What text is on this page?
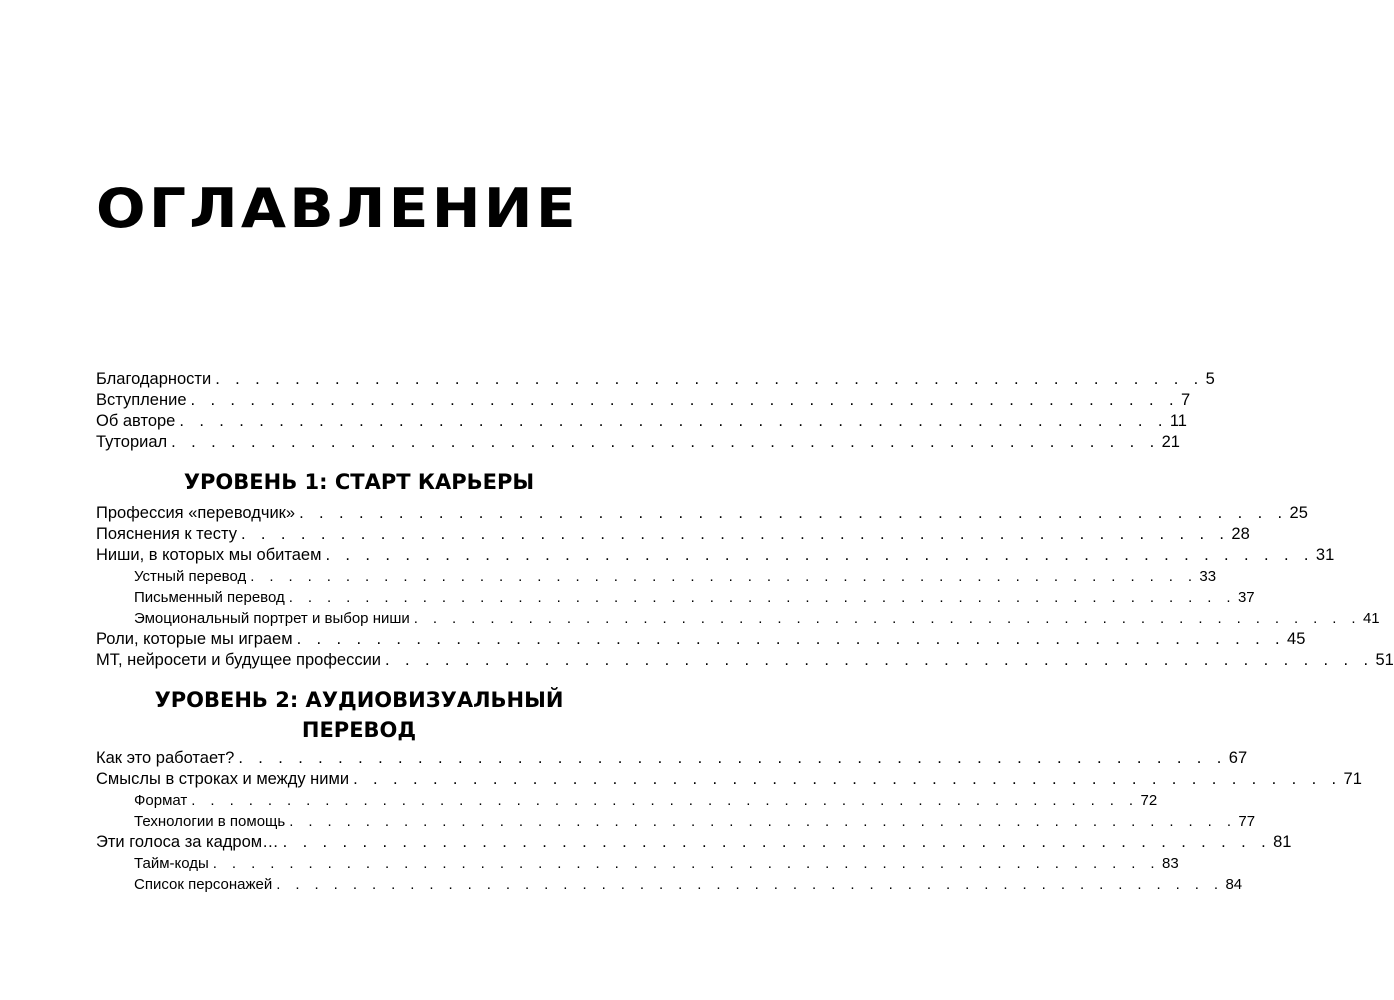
ОГЛАВЛЕНИЕ
Благодарности . . . . . . . . . . . . . . . . . . . . . . . . . . . . . . . . . . . . . . . . . . . . . . . . . . 5
Вступление . . . . . . . . . . . . . . . . . . . . . . . . . . . . . . . . . . . . . . . . . . . . . . . . . . 7
Об авторе . . . . . . . . . . . . . . . . . . . . . . . . . . . . . . . . . . . . . . . . . . . . . . . . . . 11
Туториал . . . . . . . . . . . . . . . . . . . . . . . . . . . . . . . . . . . . . . . . . . . . . . . . . . 21
УРОВЕНЬ 1: СТАРТ КАРЬЕРЫ
Профессия «переводчик» . . . . . . . . . . . . . . . . . . . . . . . . . . . . . . . . . . . . . . . . . . . . . . . . . . 25
Пояснения к тесту . . . . . . . . . . . . . . . . . . . . . . . . . . . . . . . . . . . . . . . . . . . . . . . . . . 28
Ниши, в которых мы обитаем . . . . . . . . . . . . . . . . . . . . . . . . . . . . . . . . . . . . . . . . . . . . . . . . . . 31
Устный перевод . . . . . . . . . . . . . . . . . . . . . . . . . . . . . . . . . . . . . . . . . . . . . . . . . . 33
Письменный перевод . . . . . . . . . . . . . . . . . . . . . . . . . . . . . . . . . . . . . . . . . . . . . . . . . . 37
Эмоциональный портрет и выбор ниши . . . . . . . . . . . . . . . . . . . . . . . . . . . . . . . . . . . . . . . . . . . . . . . . . . 41
Роли, которые мы играем . . . . . . . . . . . . . . . . . . . . . . . . . . . . . . . . . . . . . . . . . . . . . . . . . . 45
МТ, нейросети и будущее профессии . . . . . . . . . . . . . . . . . . . . . . . . . . . . . . . . . . . . . . . . . . . . . . . . . . 51
УРОВЕНЬ 2: АУДИОВИЗУАЛЬНЫЙ
ПЕРЕВОД
Как это работает? . . . . . . . . . . . . . . . . . . . . . . . . . . . . . . . . . . . . . . . . . . . . . . . . . . 67
Смыслы в строках и между ними . . . . . . . . . . . . . . . . . . . . . . . . . . . . . . . . . . . . . . . . . . . . . . . . . . 71
Формат . . . . . . . . . . . . . . . . . . . . . . . . . . . . . . . . . . . . . . . . . . . . . . . . . . 72
Технологии в помощь . . . . . . . . . . . . . . . . . . . . . . . . . . . . . . . . . . . . . . . . . . . . . . . . . . 77
Эти голоса за кадром… . . . . . . . . . . . . . . . . . . . . . . . . . . . . . . . . . . . . . . . . . . . . . . . . . . 81
Тайм-коды . . . . . . . . . . . . . . . . . . . . . . . . . . . . . . . . . . . . . . . . . . . . . . . . . . 83
Список персонажей . . . . . . . . . . . . . . . . . . . . . . . . . . . . . . . . . . . . . . . . . . . . . . . . . . 84
